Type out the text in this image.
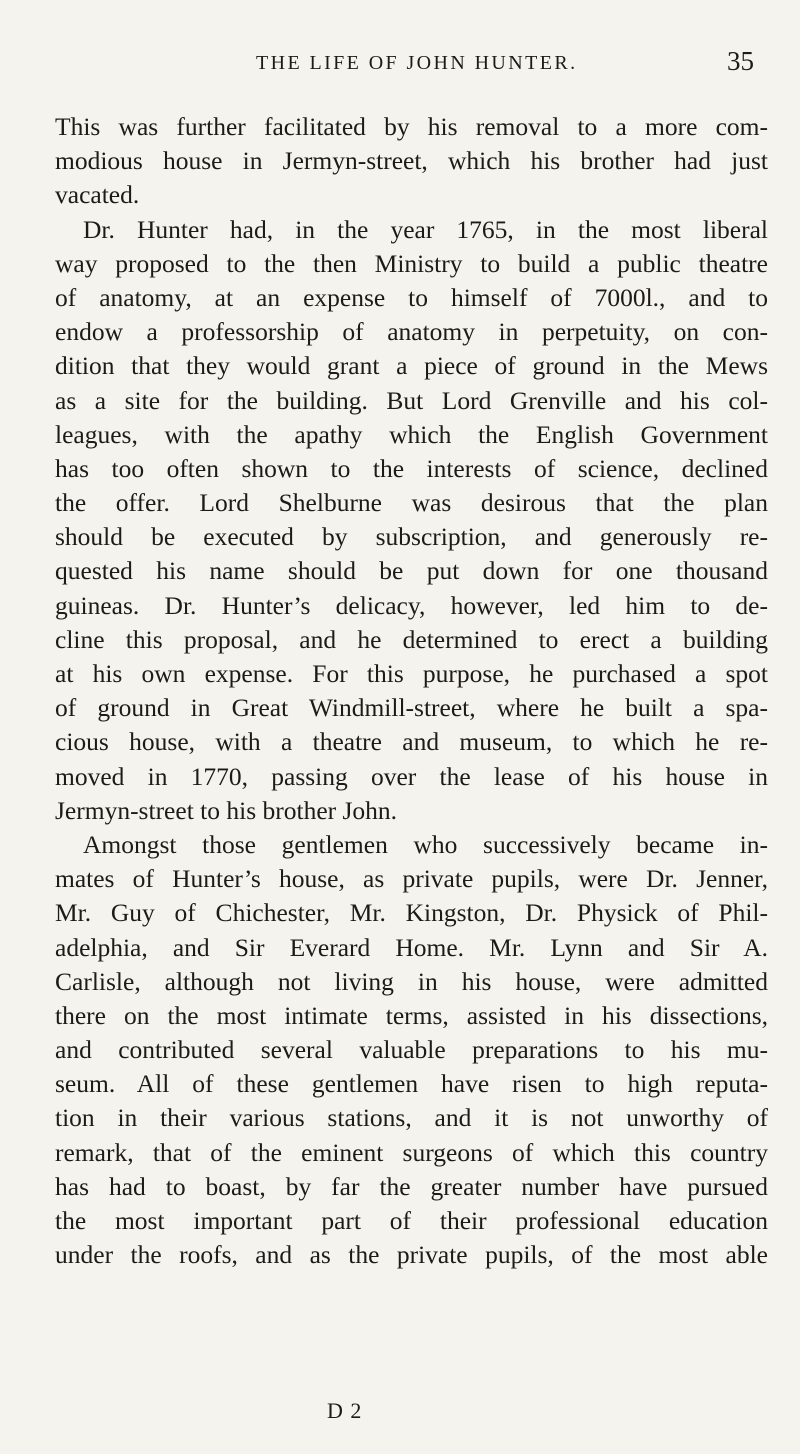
THE LIFE OF JOHN HUNTER.	35
This was further facilitated by his removal to a more com-
modious house in Jermyn-street, which his brother had just
vacated.
Dr. Hunter had, in the year 1765, in the most liberal
way proposed to the then Ministry to build a public theatre
of anatomy, at an expense to himself of 7000l., and to
endow a professorship of anatomy in perpetuity, on con-
dition that they would grant a piece of ground in the Mews
as a site for the building. But Lord Grenville and his col-
leagues, with the apathy which the English Government
has too often shown to the interests of science, declined
the offer. Lord Shelburne was desirous that the plan
should be executed by subscription, and generously re-
quested his name should be put down for one thousand
guineas. Dr. Hunter’s delicacy, however, led him to de-
cline this proposal, and he determined to erect a building
at his own expense. For this purpose, he purchased a spot
of ground in Great Windmill-street, where he built a spa-
cious house, with a theatre and museum, to which he re-
moved in 1770, passing over the lease of his house in
Jermyn-street to his brother John.
Amongst those gentlemen who successively became in-
mates of Hunter’s house, as private pupils, were Dr. Jenner,
Mr. Guy of Chichester, Mr. Kingston, Dr. Physick of Phil-
adelphia, and Sir Everard Home. Mr. Lynn and Sir A.
Carlisle, although not living in his house, were admitted
there on the most intimate terms, assisted in his dissections,
and contributed several valuable preparations to his mu-
seum. All of these gentlemen have risen to high reputa-
tion in their various stations, and it is not unworthy of
remark, that of the eminent surgeons of which this country
has had to boast, by far the greater number have pursued
the most important part of their professional education
under the roofs, and as the private pupils, of the most able
D 2
